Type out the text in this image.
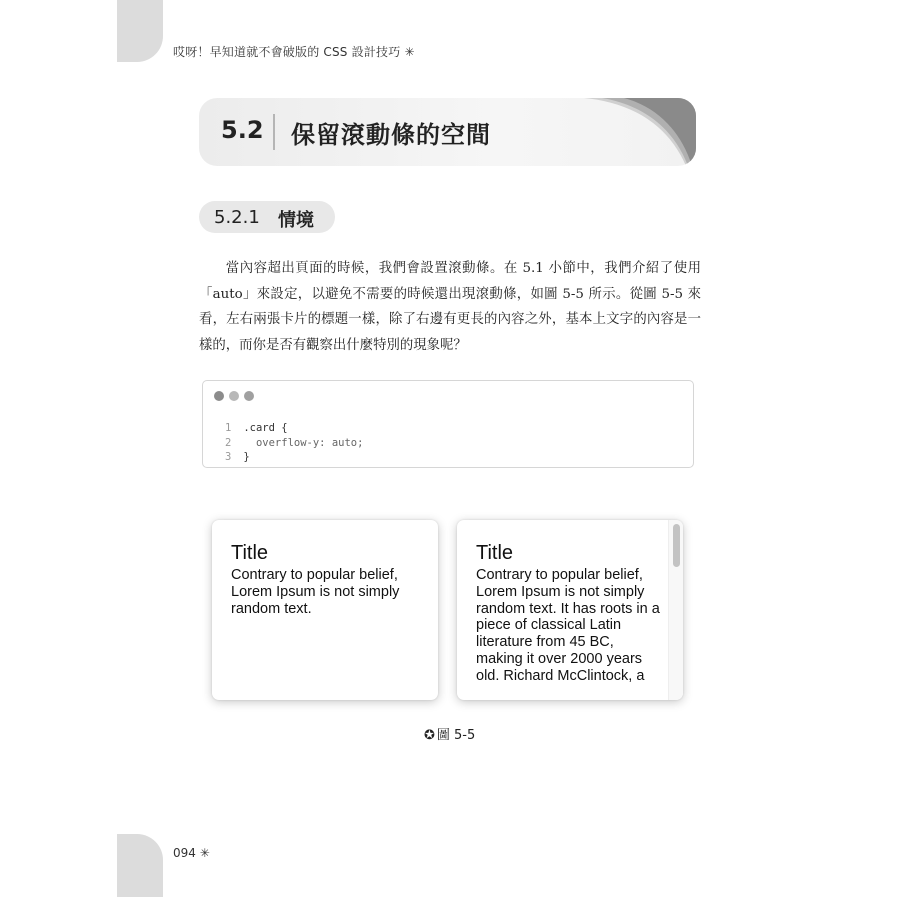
哎呀！早知道就不會破版的 CSS 設計技巧 ✳
5.2 保留滾動條的空間
5.2.1 情境

當內容超出頁面的時候，我們會設置滾動條。在 5.1 小節中，我們介紹了使用「auto」來設定，以避免不需要的時候還出現滾動條，如圖 5-5 所示。從圖 5-5 來看，左右兩張卡片的標題一樣，除了右邊有更長的內容之外，基本上文字的內容是一樣的，而你是否有觀察出什麼特別的現象呢？

1 .card {
2   overflow-y: auto;
3 }
Title
Contrary to popular belief, Lorem Ipsum is not simply random text.
Title
Contrary to popular belief, Lorem Ipsum is not simply random text. It has roots in a piece of classical Latin literature from 45 BC, making it over 2000 years old. Richard McClintock, a
✪ 圖 5-5
094 ✳
